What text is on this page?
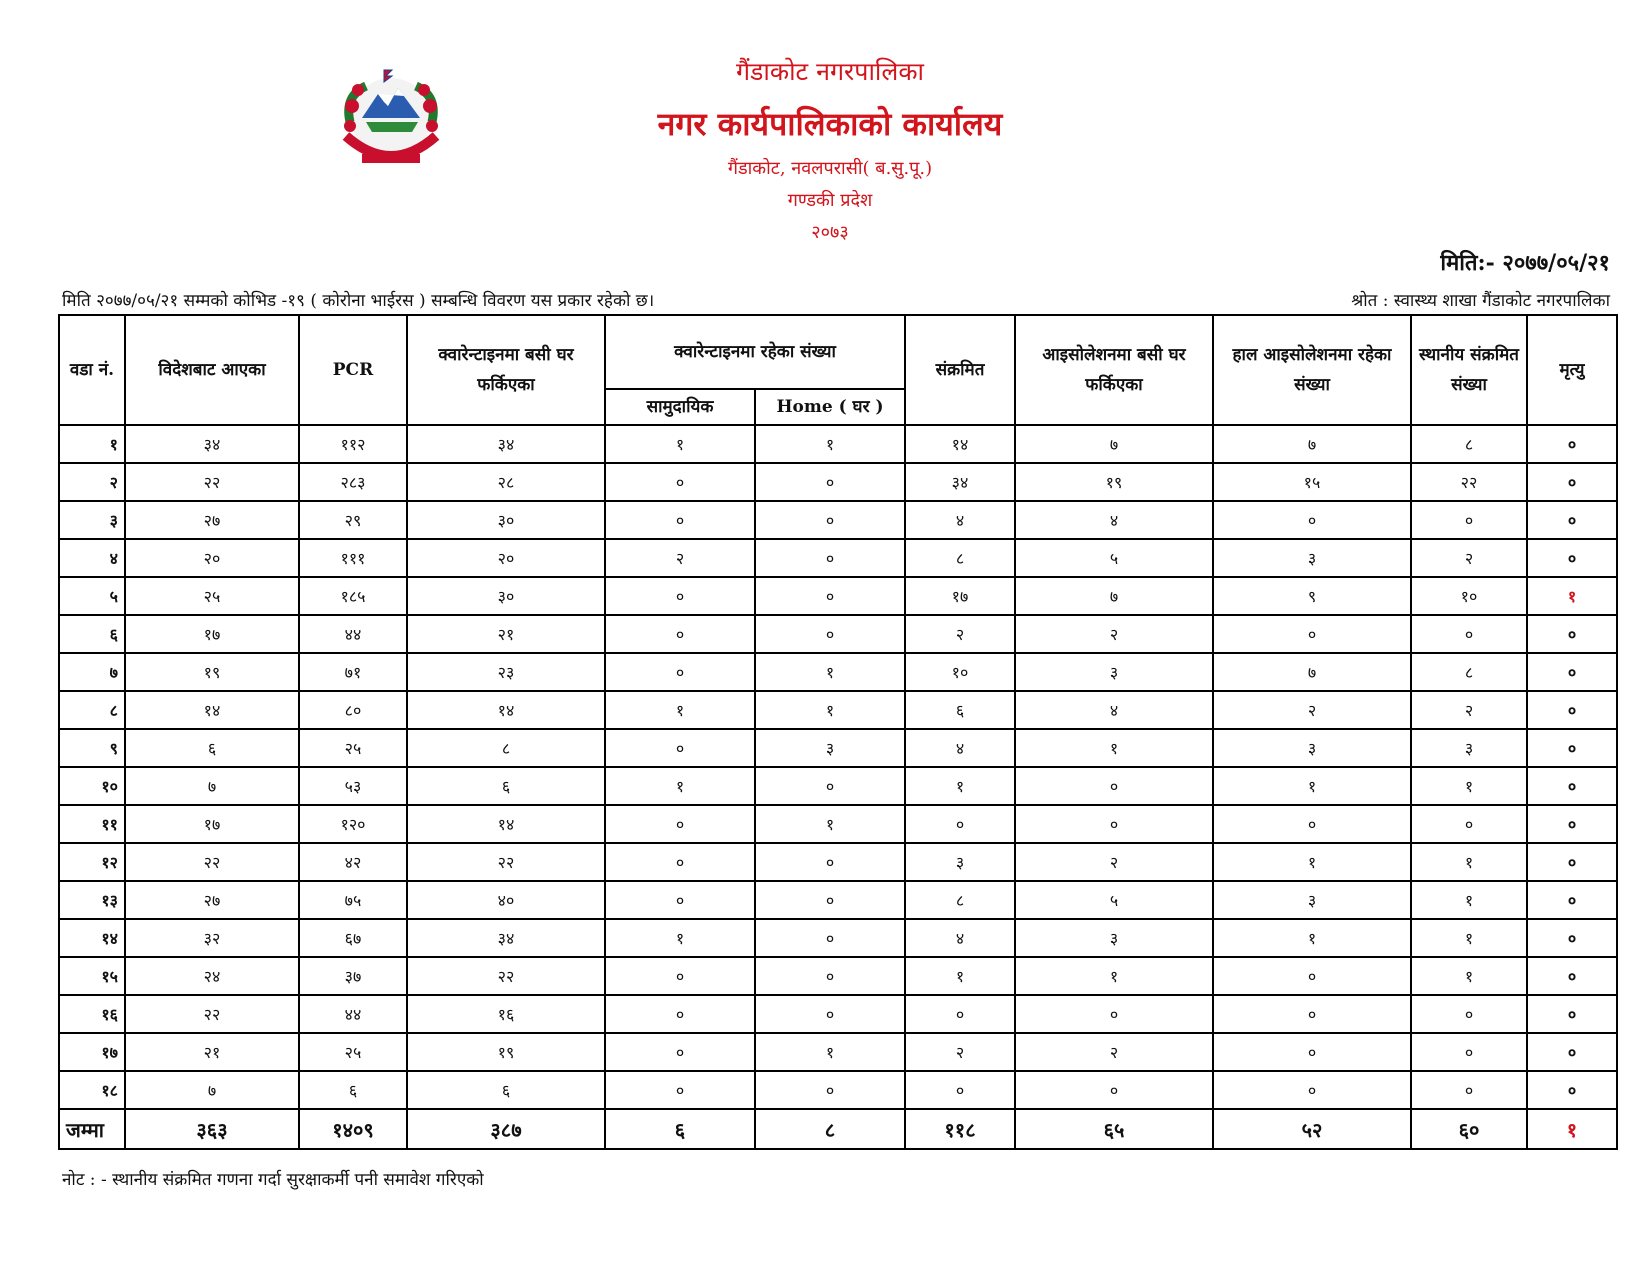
गैंडाकोट नगरपालिका
नगर कार्यपालिकाको कार्यालय
गैंडाकोट, नवलपरासी( ब.सु.पू.)
गण्डकी प्रदेश
२०७३
मिति:- २०७७/०५/२१
मिति २०७७/०५/२१ सम्मको कोभिड -१९ ( कोरोना भाईरस ) सम्बन्धि विवरण यस प्रकार रहेको छ।	श्रोत : स्वास्थ्य शाखा गैंडाकोट नगरपालिका
वडा नं.	विदेशबाट आएका	PCR	क्वारेन्टाइनमा बसी घर फर्किएका	क्वारेन्टाइनमा रहेका संख्या		संक्रमित	आइसोलेशनमा बसी घर फर्किएका	हाल आइसोलेशनमा रहेका संख्या	स्थानीय संक्रमित संख्या	मृत्यु
				सामुदायिक	Home ( घर )					
१	३४	११२	३४	१	१	१४	७	७	८	०
२	२२	२८३	२८	०	०	३४	१९	१५	२२	०
३	२७	२९	३०	०	०	४	४	०	०	०
४	२०	१११	२०	२	०	८	५	३	२	०
५	२५	१८५	३०	०	०	१७	७	९	१०	१
६	१७	४४	२१	०	०	२	२	०	०	०
७	१९	७१	२३	०	१	१०	३	७	८	०
८	१४	८०	१४	१	१	६	४	२	२	०
९	६	२५	८	०	३	४	१	३	३	०
१०	७	५३	६	१	०	१	०	१	१	०
११	१७	१२०	१४	०	१	०	०	०	०	०
१२	२२	४२	२२	०	०	३	२	१	१	०
१३	२७	७५	४०	०	०	८	५	३	१	०
१४	३२	६७	३४	१	०	४	३	१	१	०
१५	२४	३७	२२	०	०	१	१	०	१	०
१६	२२	४४	१६	०	०	०	०	०	०	०
१७	२१	२५	१९	०	१	२	२	०	०	०
१८	७	६	६	०	०	०	०	०	०	०
जम्मा	३६३	१४०९	३८७	६	८	११८	६५	५२	६०	१
नोट : - स्थानीय संक्रमित गणना गर्दा सुरक्षाकर्मी पनी समावेश गरिएको
